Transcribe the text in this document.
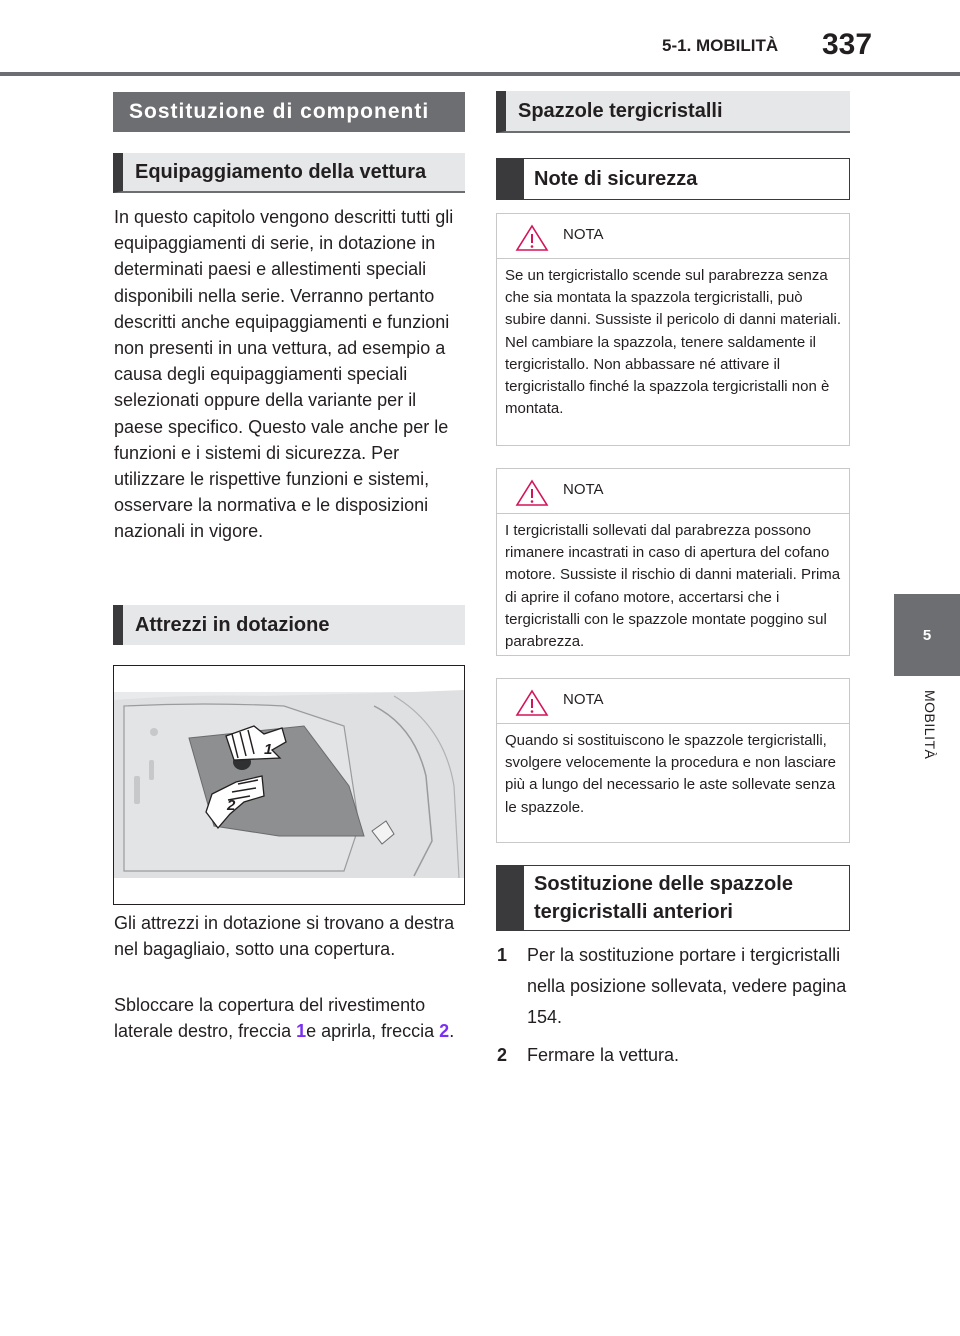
5-1. MOBILITÀ 337
5
MOBILITÀ
Sostituzione di componenti
Equipaggiamento della vettura

In questo capitolo vengono descritti tutti gli equipaggiamenti di serie, in dotazione in determinati paesi e allestimenti speciali disponibili nella serie. Verranno pertanto descritti anche equipaggiamenti e funzioni non presenti in una vettura, ad esempio a causa degli equipaggiamenti speciali selezionati oppure della variante per il paese specifico. Questo vale anche per le funzioni e i sistemi di sicurezza. Per utilizzare le rispettive funzioni e sistemi, osservare la normativa e le disposizioni nazionali in vigore.

Attrezzi in dotazione
1
2

Gli attrezzi in dotazione si trovano a destra nel bagagliaio, sotto una copertura.

Sbloccare la copertura del rivestimento laterale destro, freccia 1e aprirla, freccia 2.

Spazzole tergicristalli
Note di sicurezza
NOTA
Se un tergicristallo scende sul parabrezza senza che sia montata la spazzola tergicristalli, può subire danni. Sussiste il pericolo di danni materiali. Nel cambiare la spazzola, tenere saldamente il tergicristallo. Non abbassare né attivare il tergicristallo finché la spazzola tergicristalli non è montata.
NOTA
I tergicristalli sollevati dal parabrezza possono rimanere incastrati in caso di apertura del cofano motore. Sussiste il rischio di danni materiali. Prima di aprire il cofano motore, accertarsi che i tergicristalli con le spazzole montate poggino sul parabrezza.
NOTA
Quando si sostituiscono le spazzole tergicristalli, svolgere velocemente la procedura e non lasciare più a lungo del necessario le aste sollevate senza le spazzole.
Sostituzione delle spazzole tergicristalli anteriori
1	Per la sostituzione portare i tergicristalli nella posizione sollevata, vedere pagina 154.
2	Fermare la vettura.
